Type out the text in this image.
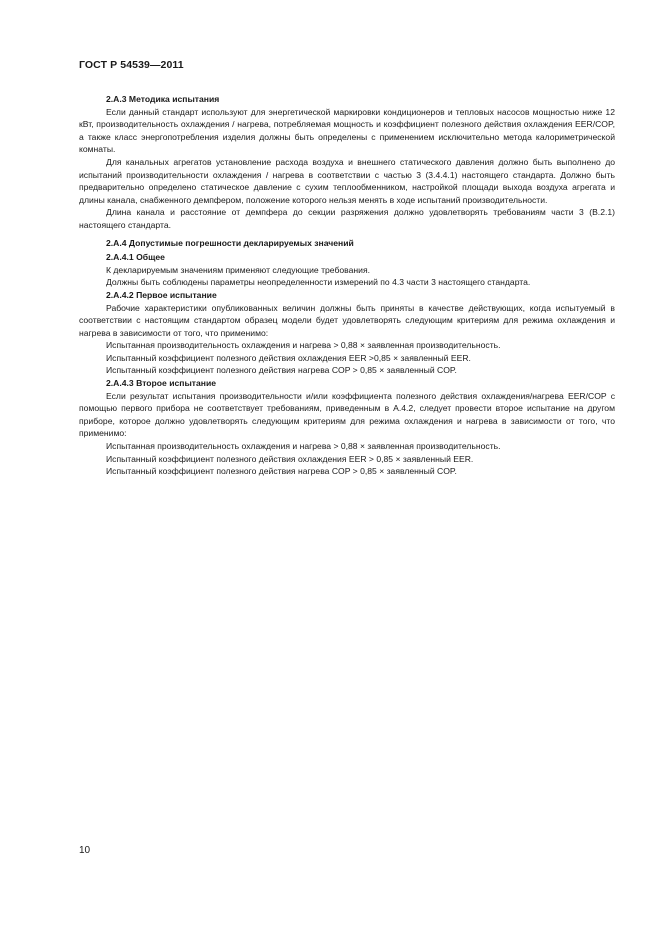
ГОСТ Р 54539—2011

2.A.3 Методика испытания

Если данный стандарт используют для энергетической маркировки кондиционеров и тепловых насосов мощностью ниже 12 кВт, производительность охлаждения / нагрева, потребляемая мощность и коэффициент полезного действия охлаждения EER/COP, а также класс энергопотребления изделия должны быть определены с применением исключительно метода калориметрической комнаты.

Для канальных агрегатов установление расхода воздуха и внешнего статического давления должно быть выполнено до испытаний производительности охлаждения / нагрева в соответствии с частью 3 (3.4.4.1) настоящего стандарта. Должно быть предварительно определено статическое давление с сухим теплообменником, настройкой площади выхода воздуха агрегата и длины канала, снабженного демпфером, положение которого нельзя менять в ходе испытаний производительности.

Длина канала и расстояние от демпфера до секции разряжения должно удовлетворять требованиям части 3 (В.2.1) настоящего стандарта.

2.A.4 Допустимые погрешности декларируемых значений

2.A.4.1 Общее

К декларируемым значениям применяют следующие требования.

Должны быть соблюдены параметры неопределенности измерений по 4.3 части 3 настоящего стандарта.

2.A.4.2 Первое испытание

Рабочие характеристики опубликованных величин должны быть приняты в качестве действующих, когда испытуемый в соответствии с настоящим стандартом образец модели будет удовлетворять следующим критериям для режима охлаждения и нагрева в зависимости от того, что применимо:

Испытанная производительность охлаждения и нагрева > 0,88 × заявленная производительность.

Испытанный коэффициент полезного действия охлаждения EER >0,85 × заявленный EER.

Испытанный коэффициент полезного действия нагрева COP > 0,85 × заявленный COP.

2.A.4.3 Второе испытание

Если результат испытания производительности и/или коэффициента полезного действия охлаждения/нагрева EER/COP с помощью первого прибора не соответствует требованиям, приведенным в A.4.2, следует провести второе испытание на другом приборе, которое должно удовлетворять следующим критериям для режима охлаждения и нагрева в зависимости от того, что применимо:

Испытанная производительность охлаждения и нагрева > 0,88 × заявленная производительность.

Испытанный коэффициент полезного действия охлаждения EER > 0,85 × заявленный EER.

Испытанный коэффициент полезного действия нагрева COP > 0,85 × заявленный COP.

10
